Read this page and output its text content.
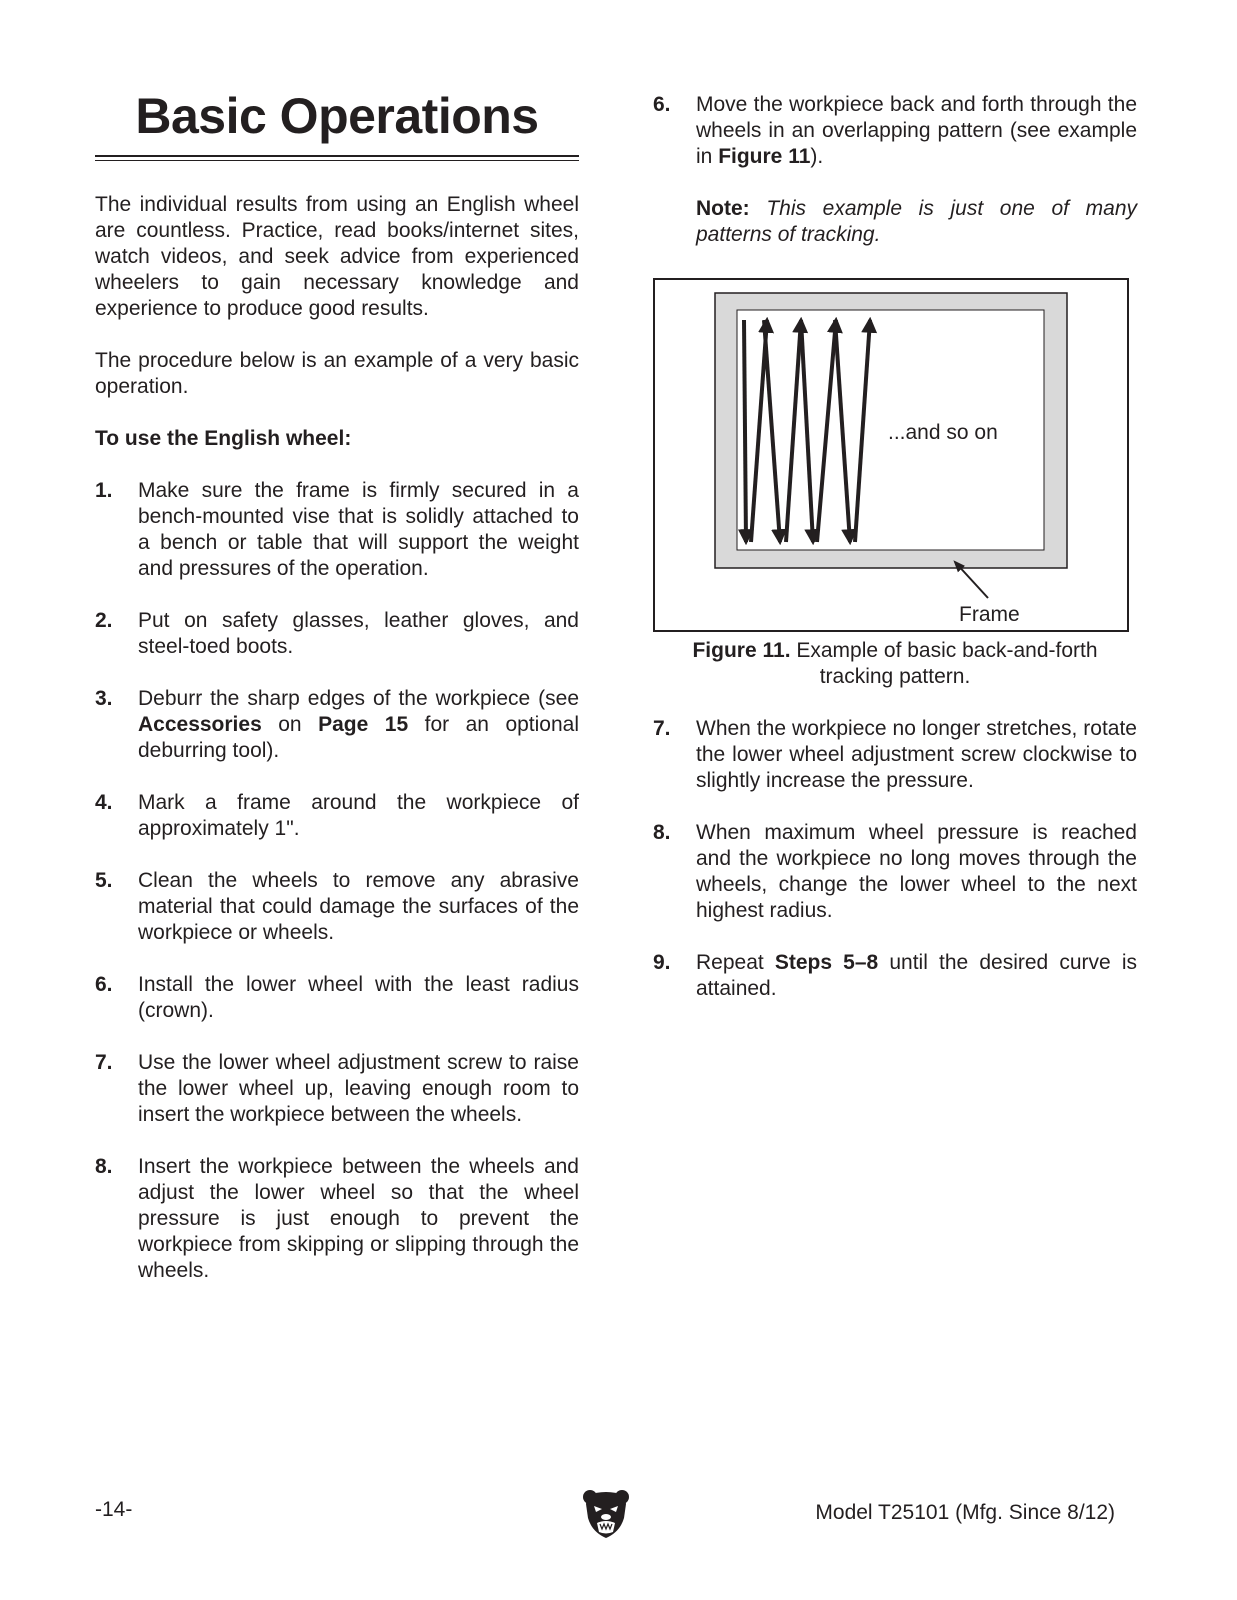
Basic Operations

The individual results from using an English wheel are countless. Practice, read books/internet sites, watch videos, and seek advice from experienced wheelers to gain necessary knowledge and experience to produce good results.

The procedure below is an example of a very basic operation.

To use the English wheel:

1. Make sure the frame is firmly secured in a bench-mounted vise that is solidly attached to a bench or table that will support the weight and pressures of the operation.
2. Put on safety glasses, leather gloves, and steel-toed boots.
3. Deburr the sharp edges of the workpiece (see Accessories on Page 15 for an optional deburring tool).
4. Mark a frame around the workpiece of approximately 1".
5. Clean the wheels to remove any abrasive material that could damage the surfaces of the workpiece or wheels.
6. Install the lower wheel with the least radius (crown).
7. Use the lower wheel adjustment screw to raise the lower wheel up, leaving enough room to insert the workpiece between the wheels.
8. Insert the workpiece between the wheels and adjust the lower wheel so that the wheel pressure is just enough to prevent the workpiece from skipping or slipping through the wheels.
6. Move the workpiece back and forth through the wheels in an overlapping pattern (see example in Figure 11).
Note: This example is just one of many patterns of tracking.
...and so on
Frame

Figure 11. Example of basic back-and-forth tracking pattern.

7. When the workpiece no longer stretches, rotate the lower wheel adjustment screw clockwise to slightly increase the pressure.
8. When maximum wheel pressure is reached and the workpiece no long moves through the wheels, change the lower wheel to the next highest radius.
9. Repeat Steps 5–8 until the desired curve is attained.
-14-	Model T25101 (Mfg. Since 8/12)
